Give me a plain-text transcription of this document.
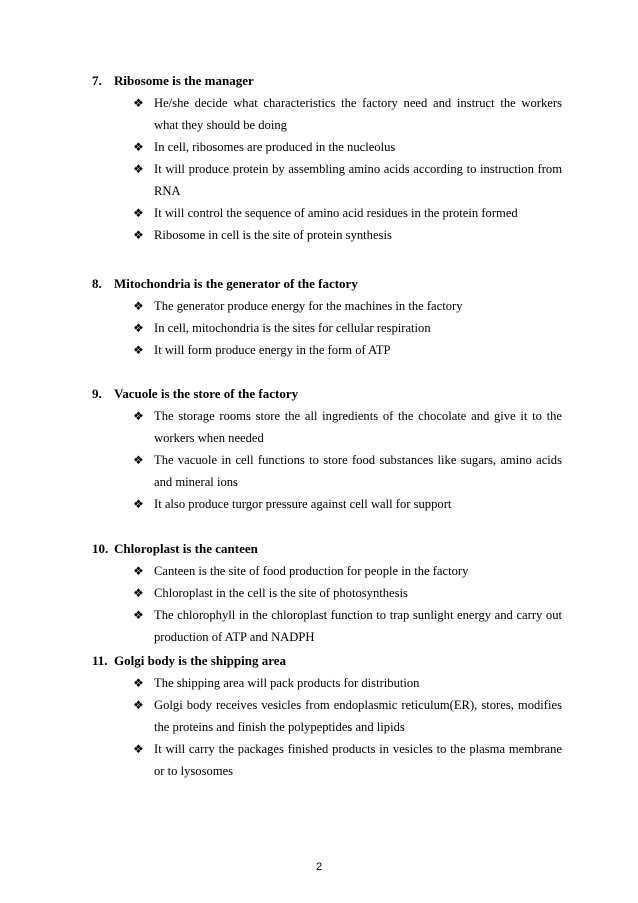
7. Ribosome is the manager
❖ He/she decide what characteristics the factory need and instruct the workers what they should be doing
❖ In cell, ribosomes are produced in the nucleolus
❖ It will produce protein by assembling amino acids according to instruction from RNA
❖ It will control the sequence of amino acid residues in the protein formed
❖ Ribosome in cell is the site of protein synthesis
8. Mitochondria is the generator of the factory
❖ The generator produce energy for the machines in the factory
❖ In cell, mitochondria is the sites for cellular respiration
❖ It will form produce energy in the form of ATP
9. Vacuole is the store of the factory
❖ The storage rooms store the all ingredients of the chocolate and give it to the workers when needed
❖ The vacuole in cell functions to store food substances like sugars, amino acids and mineral ions
❖ It also produce turgor pressure against cell wall for support
10. Chloroplast is the canteen
❖ Canteen is the site of food production for people in the factory
❖ Chloroplast in the cell is the site of photosynthesis
❖ The chlorophyll in the chloroplast function to trap sunlight energy and carry out production of ATP and NADPH
11. Golgi body is the shipping area
❖ The shipping area will pack products for distribution
❖ Golgi body receives vesicles from endoplasmic reticulum(ER), stores, modifies the proteins and finish the polypeptides and lipids
❖ It will carry the packages finished products in vesicles to the plasma membrane or to lysosomes
2
